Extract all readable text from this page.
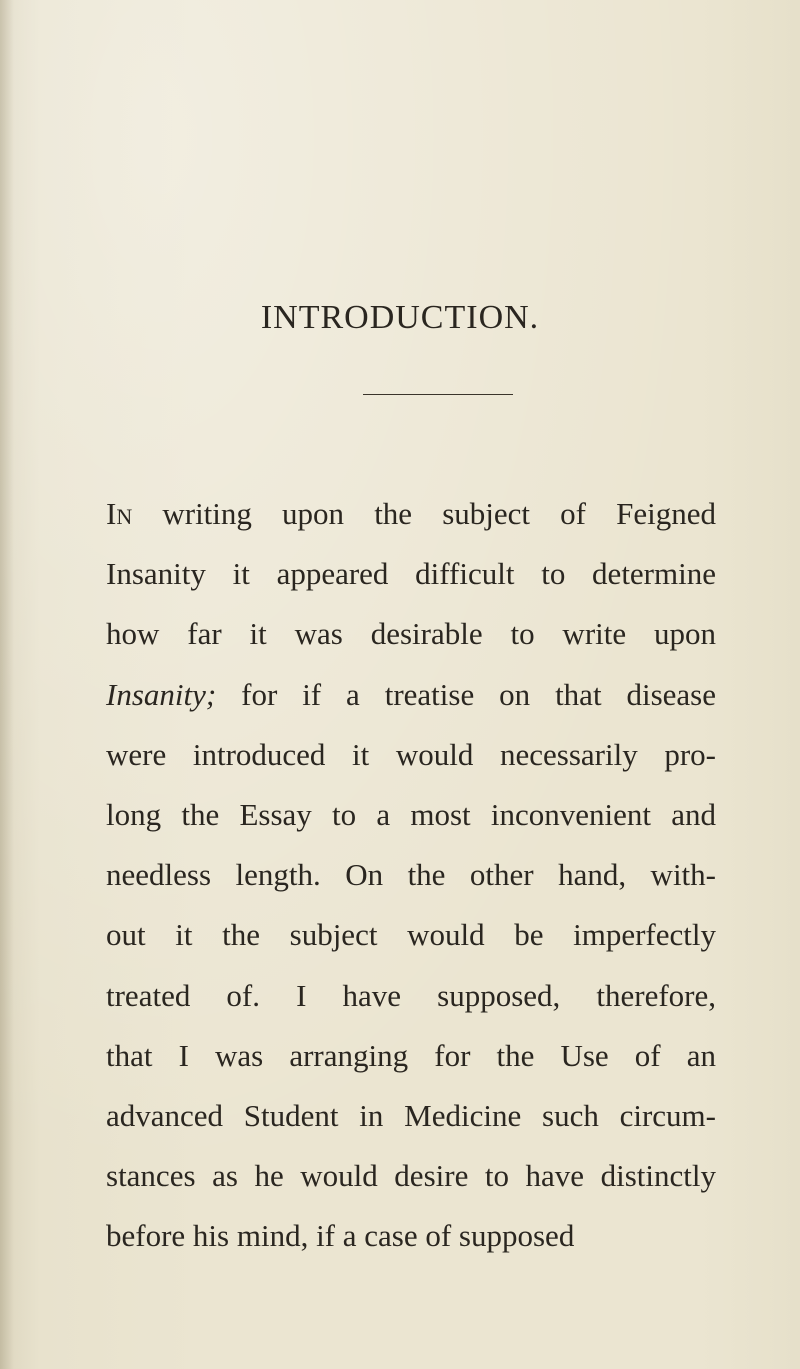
INTRODUCTION.
In writing upon the subject of Feigned
Insanity it appeared difficult to determine
how far it was desirable to write upon
Insanity; for if a treatise on that disease
were introduced it would necessarily pro-
long the Essay to a most inconvenient and
needless length. On the other hand, with-
out it the subject would be imperfectly
treated of. I have supposed, therefore,
that I was arranging for the Use of an
advanced Student in Medicine such circum-
stances as he would desire to have distinctly
before his mind, if a case of supposed
